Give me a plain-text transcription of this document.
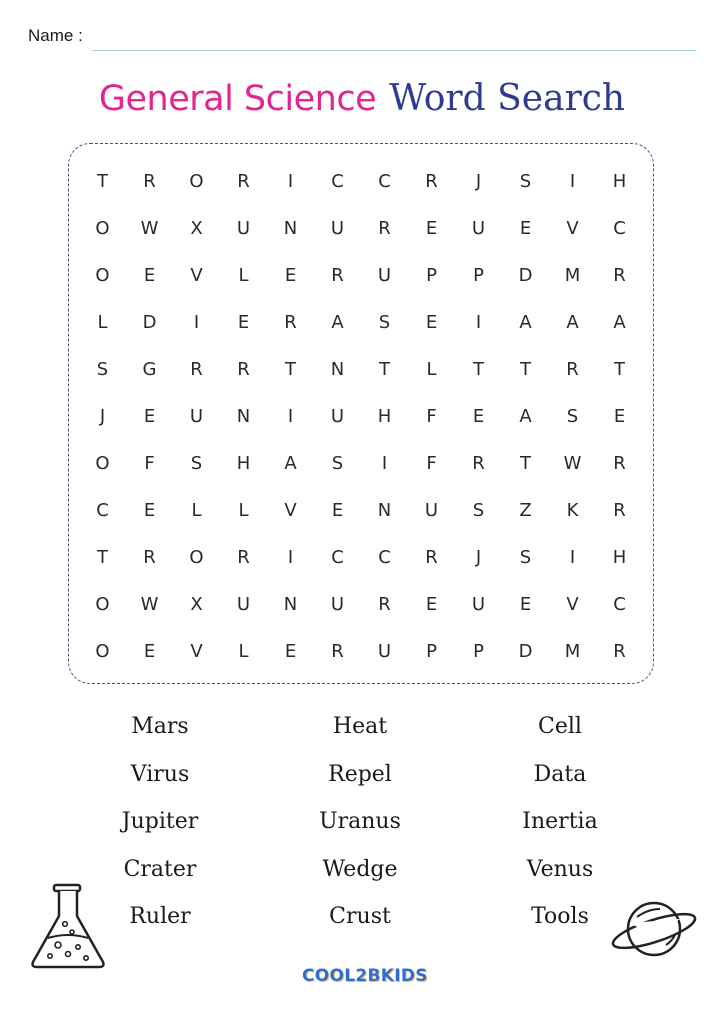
Name :
General Science Word Search
T	R	O	R	I	C	C	R	J	S	I	H
O	W	X	U	N	U	R	E	U	E	V	C
O	E	V	L	E	R	U	P	P	D	M	R
L	D	I	E	R	A	S	E	I	A	A	A
S	G	R	R	T	N	T	L	T	T	R	T
J	E	U	N	I	U	H	F	E	A	S	E
O	F	S	H	A	S	I	F	R	T	W	R
C	E	L	L	V	E	N	U	S	Z	K	R
T	R	O	R	I	C	C	R	J	S	I	H
O	W	X	U	N	U	R	E	U	E	V	C
O	E	V	L	E	R	U	P	P	D	M	R
Mars	Heat	Cell
Virus	Repel	Data
Jupiter	Uranus	Inertia
Crater	Wedge	Venus
Ruler	Crust	Tools
COOL2BKIDS
